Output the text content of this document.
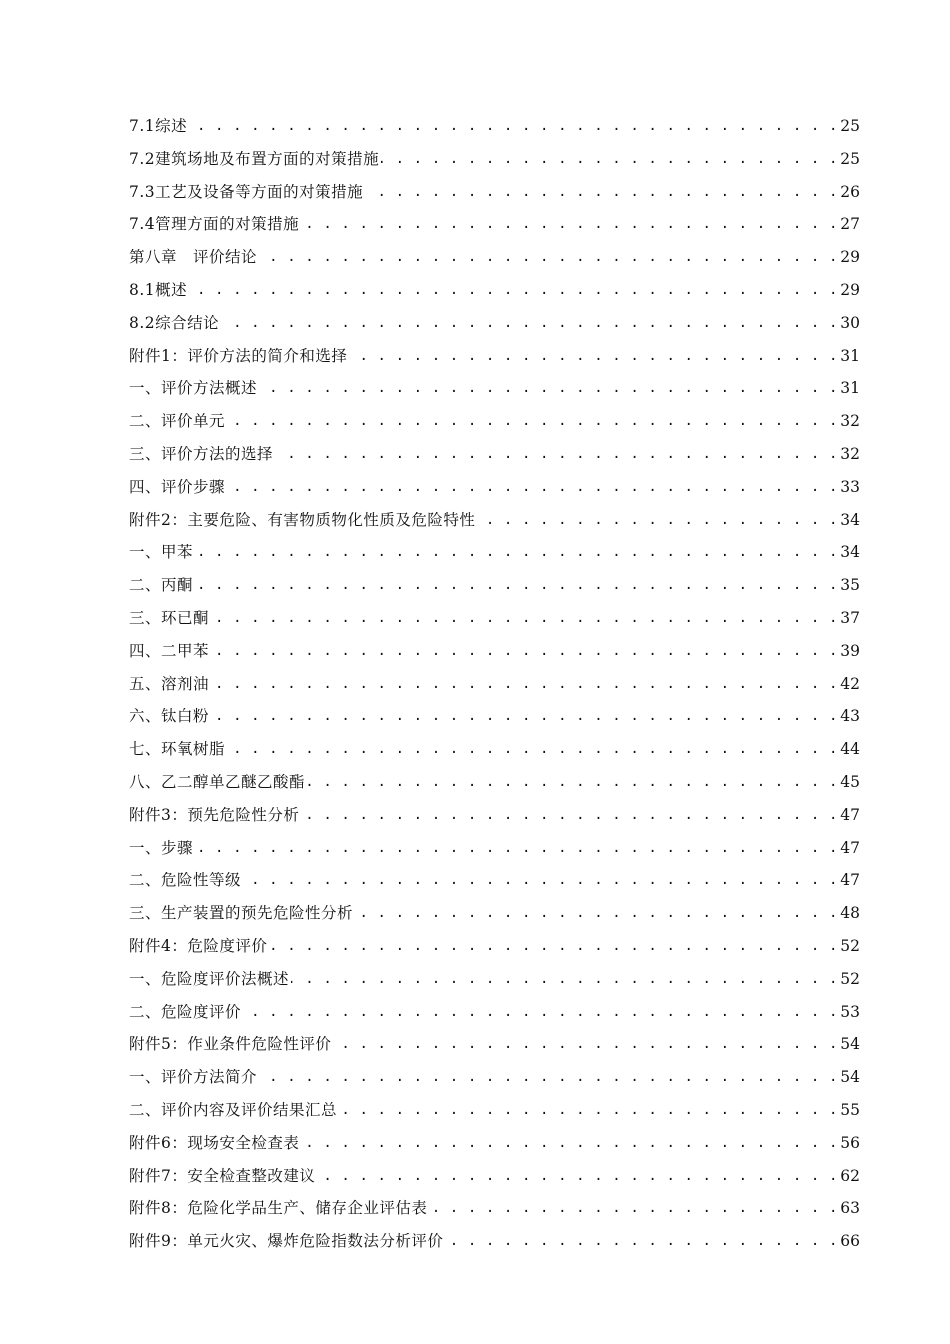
7.1综述 . . .	25
7.2建筑场地及布置方面的对策措施 . . .	25
7.3工艺及设备等方面的对策措施 . . .	26
7.4管理方面的对策措施 . . .	27
第八章　评价结论 . . .	29
8.1概述 . . .	29
8.2综合结论 . . .	30
附件1：评价方法的简介和选择 . . .	31
一、评价方法概述 . . .	31
二、评价单元 . . .	32
三、评价方法的选择 . . .	32
四、评价步骤 . . .	33
附件2：主要危险、有害物质物化性质及危险特性 . . .	34
一、甲苯 . . .	34
二、丙酮 . . .	35
三、环已酮 . . .	37
四、二甲苯 . . .	39
五、溶剂油 . . .	42
六、钛白粉 . . .	43
七、环氧树脂 . . .	44
八、乙二醇单乙醚乙酸酯 . . .	45
附件3：预先危险性分析 . . .	47
一、步骤 . . .	47
二、危险性等级 . . .	47
三、生产装置的预先危险性分析 . . .	48
附件4：危险度评价 . . .	52
一、危险度评价法概述 . . .	52
二、危险度评价 . . .	53
附件5：作业条件危险性评价 . . .	54
一、评价方法简介 . . .	54
二、评价内容及评价结果汇总 . . .	55
附件6：现场安全检查表 . . .	56
附件7：安全检查整改建议 . . .	62
附件8：危险化学品生产、储存企业评估表 . . .	63
附件9：单元火灾、爆炸危险指数法分析评价 . . .	66
